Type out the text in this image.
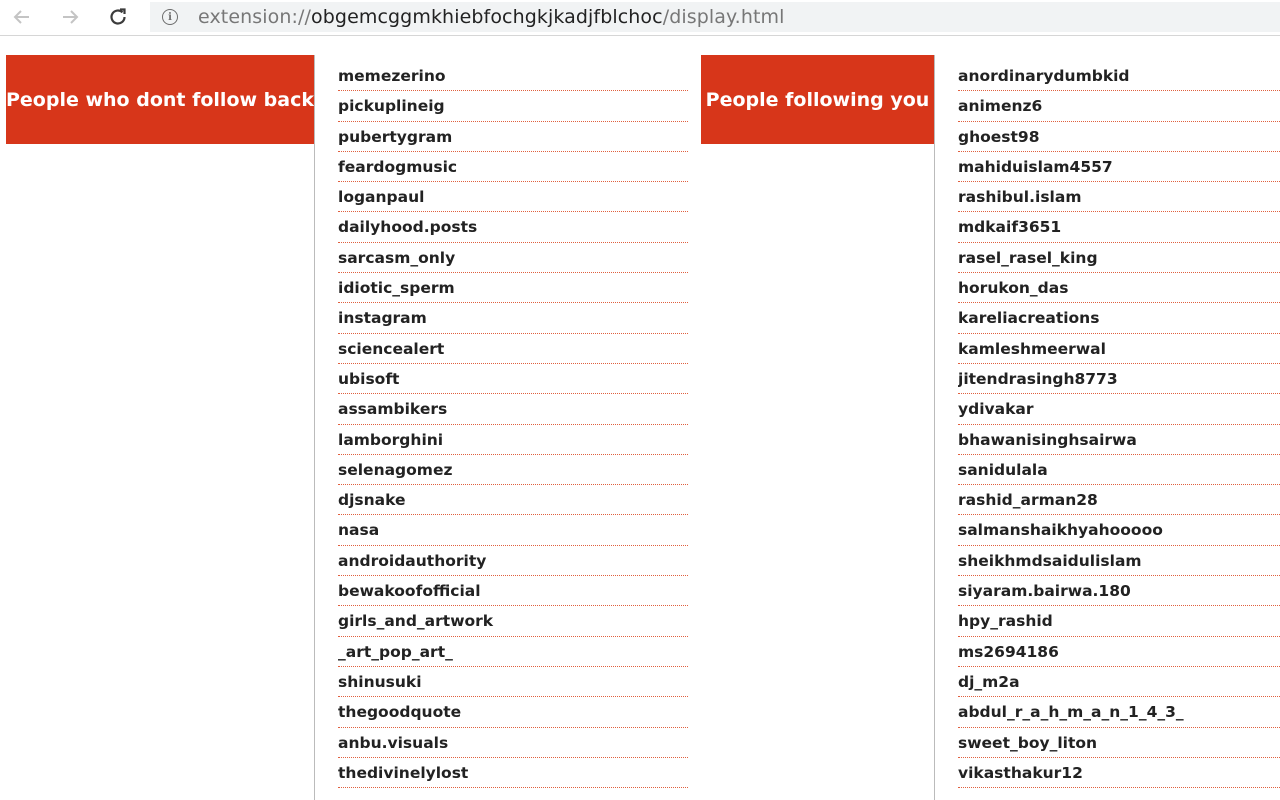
i	extension://obgemcggmkhiebfochgkjkadjfblchoc/display.html
People who dont follow back
memezerino
pickuplineig
pubertygram
feardogmusic
loganpaul
dailyhood.posts
sarcasm_only
idiotic_sperm
instagram
sciencealert
ubisoft
assambikers
lamborghini
selenagomez
djsnake
nasa
androidauthority
bewakoofofficial
girls_and_artwork
_art_pop_art_
shinusuki
thegoodquote
anbu.visuals
thedivinelylost
People following you
anordinarydumbkid
animenz6
ghoest98
mahiduislam4557
rashibul.islam
mdkaif3651
rasel_rasel_king
horukon_das
kareliacreations
kamleshmeerwal
jitendrasingh8773
ydivakar
bhawanisinghsairwa
sanidulala
rashid_arman28
salmanshaikhyahooooo
sheikhmdsaidulislam
siyaram.bairwa.180
hpy_rashid
ms2694186
dj_m2a
abdul_r_a_h_m_a_n_1_4_3_
sweet_boy_liton
vikasthakur12
